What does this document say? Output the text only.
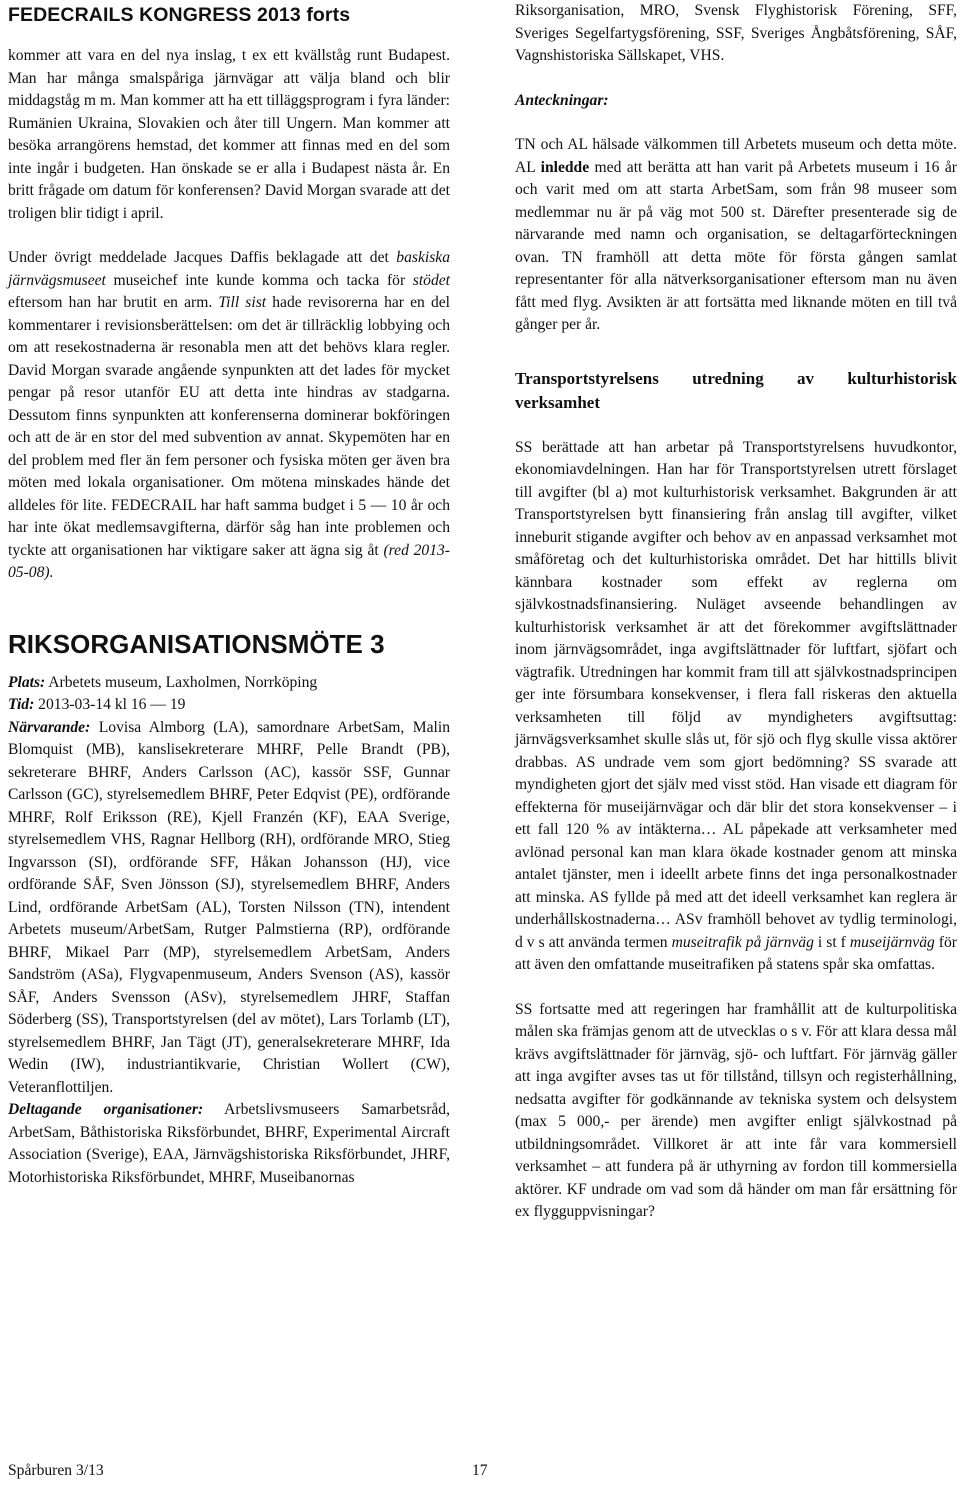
FEDECRAILS KONGRESS 2013 forts

kommer att vara en del nya inslag, t ex ett kvällståg runt Budapest. Man har många smalspåriga järnvägar att välja bland och blir middagståg m m. Man kommer att ha ett tilläggsprogram i fyra länder: Rumänien Ukraina, Slovakien och åter till Ungern. Man kommer att besöka arrangörens hemstad, det kommer att finnas med en del som inte ingår i budgeten. Han önskade se er alla i Budapest nästa år. En britt frågade om datum för konferensen? David Morgan svarade att det troligen blir tidigt i april.

Under övrigt meddelade Jacques Daffis beklagade att det baskiska järnvägsmuseet museichef inte kunde komma och tacka för stödet eftersom han har brutit en arm. Till sist hade revisorerna har en del kommentarer i revisionsberättelsen: om det är tillräcklig lobbying och om att resekostnaderna är resonabla men att det behövs klara regler. David Morgan svarade angående synpunkten att det lades för mycket pengar på resor utanför EU att detta inte hindras av stadgarna. Dessutom finns synpunkten att konferenserna dominerar bokföringen och att de är en stor del med subvention av annat. Skypemöten har en del problem med fler än fem personer och fysiska möten ger även bra möten med lokala organisationer. Om mötena minskades hände det alldeles för lite. FEDECRAIL har haft samma budget i 5 — 10 år och har inte ökat medlemsavgifterna, därför såg han inte problemen och tyckte att organisationen har viktigare saker att ägna sig åt (red 2013-05-08).

RIKSORGANISATIONSMÖTE 3

Plats: Arbetets museum, Laxholmen, Norrköping

Tid: 2013-03-14 kl 16 — 19

Närvarande: Lovisa Almborg (LA), samordnare ArbetSam, Malin Blomquist (MB), kanslisekreterare MHRF, Pelle Brandt (PB), sekreterare BHRF, Anders Carlsson (AC), kassör SSF, Gunnar Carlsson (GC), styrelsemedlem BHRF, Peter Edqvist (PE), ordförande MHRF, Rolf Eriksson (RE), Kjell Franzén (KF), EAA Sverige, styrelsemedlem VHS, Ragnar Hellborg (RH), ordförande MRO, Stieg Ingvarsson (SI), ordförande SFF, Håkan Johansson (HJ), vice ordförande SÅF, Sven Jönsson (SJ), styrelsemedlem BHRF, Anders Lind, ordförande ArbetSam (AL), Torsten Nilsson (TN), intendent Arbetets museum/ArbetSam, Rutger Palmstierna (RP), ordförande BHRF, Mikael Parr (MP), styrelsemedlem ArbetSam, Anders Sandström (ASa), Flygvapenmuseum, Anders Svenson (AS), kassör SÅF, Anders Svensson (ASv), styrelsemedlem JHRF, Staffan Söderberg (SS), Transportstyrelsen (del av mötet), Lars Torlamb (LT), styrelsemedlem BHRF, Jan Tägt (JT), generalsekreterare MHRF, Ida Wedin (IW), industriantikvarie, Christian Wollert (CW), Veteranflottiljen.

Deltagande organisationer: Arbetslivsmuseers Samarbetsråd, ArbetSam, Båthistoriska Riksförbundet, BHRF, Experimental Aircraft Association (Sverige), EAA, Järnvägshistoriska Riksförbundet, JHRF, Motorhistoriska Riksförbundet, MHRF, Museibanornas

Riksorganisation, MRO, Svensk Flyghistorisk Förening, SFF, Sveriges Segelfartygsförening, SSF, Sveriges Ångbåtsförening, SÅF, Vagnshistoriska Sällskapet, VHS.

Anteckningar:

TN och AL hälsade välkommen till Arbetets museum och detta möte. AL inledde med att berätta att han varit på Arbetets museum i 16 år och varit med om att starta ArbetSam, som från 98 museer som medlemmar nu är på väg mot 500 st. Därefter presenterade sig de närvarande med namn och organisation, se deltagarförteckningen ovan. TN framhöll att detta möte för första gången samlat representanter för alla nätverksorganisationer eftersom man nu även fått med flyg. Avsikten är att fortsätta med liknande möten en till två gånger per år.

Transportstyrelsens utredning av kulturhistorisk verksamhet

SS berättade att han arbetar på Transportstyrelsens huvudkontor, ekonomiavdelningen. Han har för Transportstyrelsen utrett förslaget till avgifter (bl a) mot kulturhistorisk verksamhet. Bakgrunden är att Transportstyrelsen bytt finansiering från anslag till avgifter, vilket inneburit stigande avgifter och behov av en anpassad verksamhet mot småföretag och det kulturhistoriska området. Det har hittills blivit kännbara kostnader som effekt av reglerna om självkostnadsfinansiering. Nuläget avseende behandlingen av kulturhistorisk verksamhet är att det förekommer avgiftslättnader inom järnvägsområdet, inga avgiftslättnader för luftfart, sjöfart och vägtrafik. Utredningen har kommit fram till att självkostnadsprincipen ger inte försumbara konsekvenser, i flera fall riskeras den aktuella verksamheten till följd av myndigheters avgiftsuttag: järnvägsverksamhet skulle slås ut, för sjö och flyg skulle vissa aktörer drabbas. AS undrade vem som gjort bedömning? SS svarade att myndigheten gjort det själv med visst stöd. Han visade ett diagram för effekterna för museijärnvägar och där blir det stora konsekvenser – i ett fall 120 % av intäkterna… AL påpekade att verksamheter med avlönad personal kan man klara ökade kostnader genom att minska antalet tjänster, men i ideellt arbete finns det inga personalkostnader att minska. AS fyllde på med att det ideell verksamhet kan reglera är underhållskostnaderna… ASv framhöll behovet av tydlig terminologi, d v s att använda termen museitrafik på järnväg i st f museijärnväg för att även den omfattande museitrafiken på statens spår ska omfattas.

SS fortsatte med att regeringen har framhållit att de kulturpolitiska målen ska främjas genom att de utvecklas o s v. För att klara dessa mål krävs avgiftslättnader för järnväg, sjö- och luftfart. För järnväg gäller att inga avgifter avses tas ut för tillstånd, tillsyn och registerhållning, nedsatta avgifter för godkännande av tekniska system och delsystem (max 5 000,- per ärende) men avgifter enligt självkostnad på utbildningsområdet. Villkoret är att inte får vara kommersiell verksamhet – att fundera på är uthyrning av fordon till kommersiella aktörer. KF undrade om vad som då händer om man får ersättning för ex flygguppvisningar?

Spårburen 3/13	17
